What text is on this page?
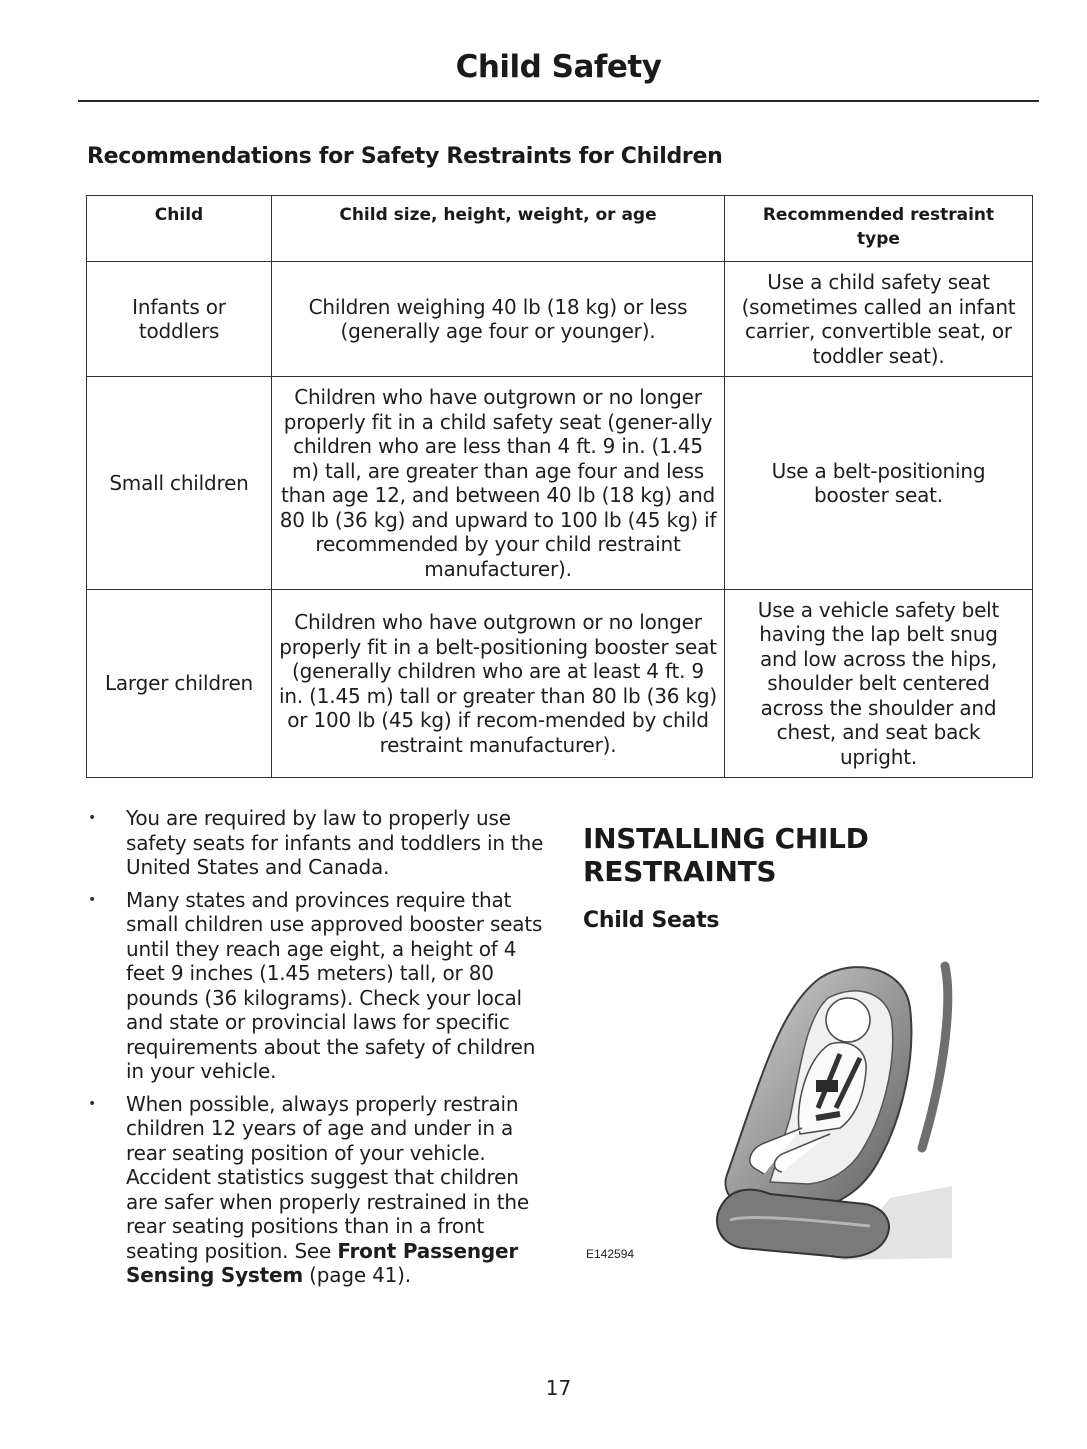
Child Safety
Recommendations for Safety Restraints for Children
Child	Child size, height, weight, or age	Recommended restraint type
Infants or toddlers	Children weighing 40 lb (18 kg) or less (generally age four or younger).	Use a child safety seat (sometimes called an infant carrier, convertible seat, or toddler seat).
Small children	Children who have outgrown or no longer properly fit in a child safety seat (gener-ally children who are less than 4 ft. 9 in. (1.45 m) tall, are greater than age four and less than age 12, and between 40 lb (18 kg) and 80 lb (36 kg) and upward to 100 lb (45 kg) if recommended by your child restraint manufacturer).	Use a belt-positioning booster seat.
Larger children	Children who have outgrown or no longer properly fit in a belt-positioning booster seat (generally children who are at least 4 ft. 9 in. (1.45 m) tall or greater than 80 lb (36 kg) or 100 lb (45 kg) if recom-mended by child restraint manufacturer).	Use a vehicle safety belt having the lap belt snug and low across the hips, shoulder belt centered across the shoulder and chest, and seat back upright.
• You are required by law to properly use safety seats for infants and toddlers in the United States and Canada.
• Many states and provinces require that small children use approved booster seats until they reach age eight, a height of 4 feet 9 inches (1.45 meters) tall, or 80 pounds (36 kilograms). Check your local and state or provincial laws for specific requirements about the safety of children in your vehicle.
• When possible, always properly restrain children 12 years of age and under in a rear seating position of your vehicle. Accident statistics suggest that children are safer when properly restrained in the rear seating positions than in a front seating position. See Front Passenger Sensing System (page 41).
INSTALLING CHILD RESTRAINTS
Child Seats
E142594
17
